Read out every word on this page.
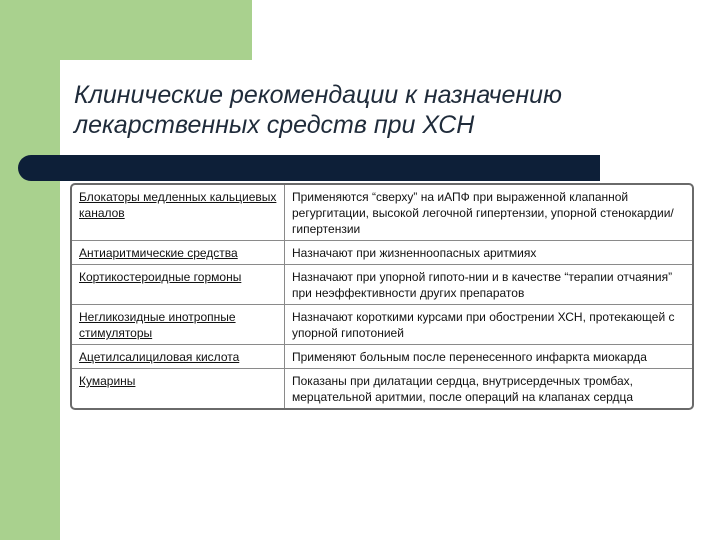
Клинические рекомендации к назначению
лекарственных средств при ХСН
Блокаторы медленных кальциевых каналов	Применяются “сверху” на иАПФ при выраженной клапанной регургитации, высокой легочной гипертензии, упорной стенокардии/гипертензии
Антиаритмические средства	Назначают при жизненноопасных аритмиях
Кортикостероидные гормоны	Назначают при упорной гипото-нии и в качестве “терапии отчаяния” при неэффективности других препаратов
Негликозидные инотропные стимуляторы	Назначают короткими курсами при обострении ХСН, протекающей с упорной гипотонией
Ацетилсалициловая кислота	Применяют больным после перенесенного инфаркта миокарда
Кумарины	Показаны при дилатации сердца, внутрисердечных тромбах, мерцательной аритмии, после операций на клапанах сердца
